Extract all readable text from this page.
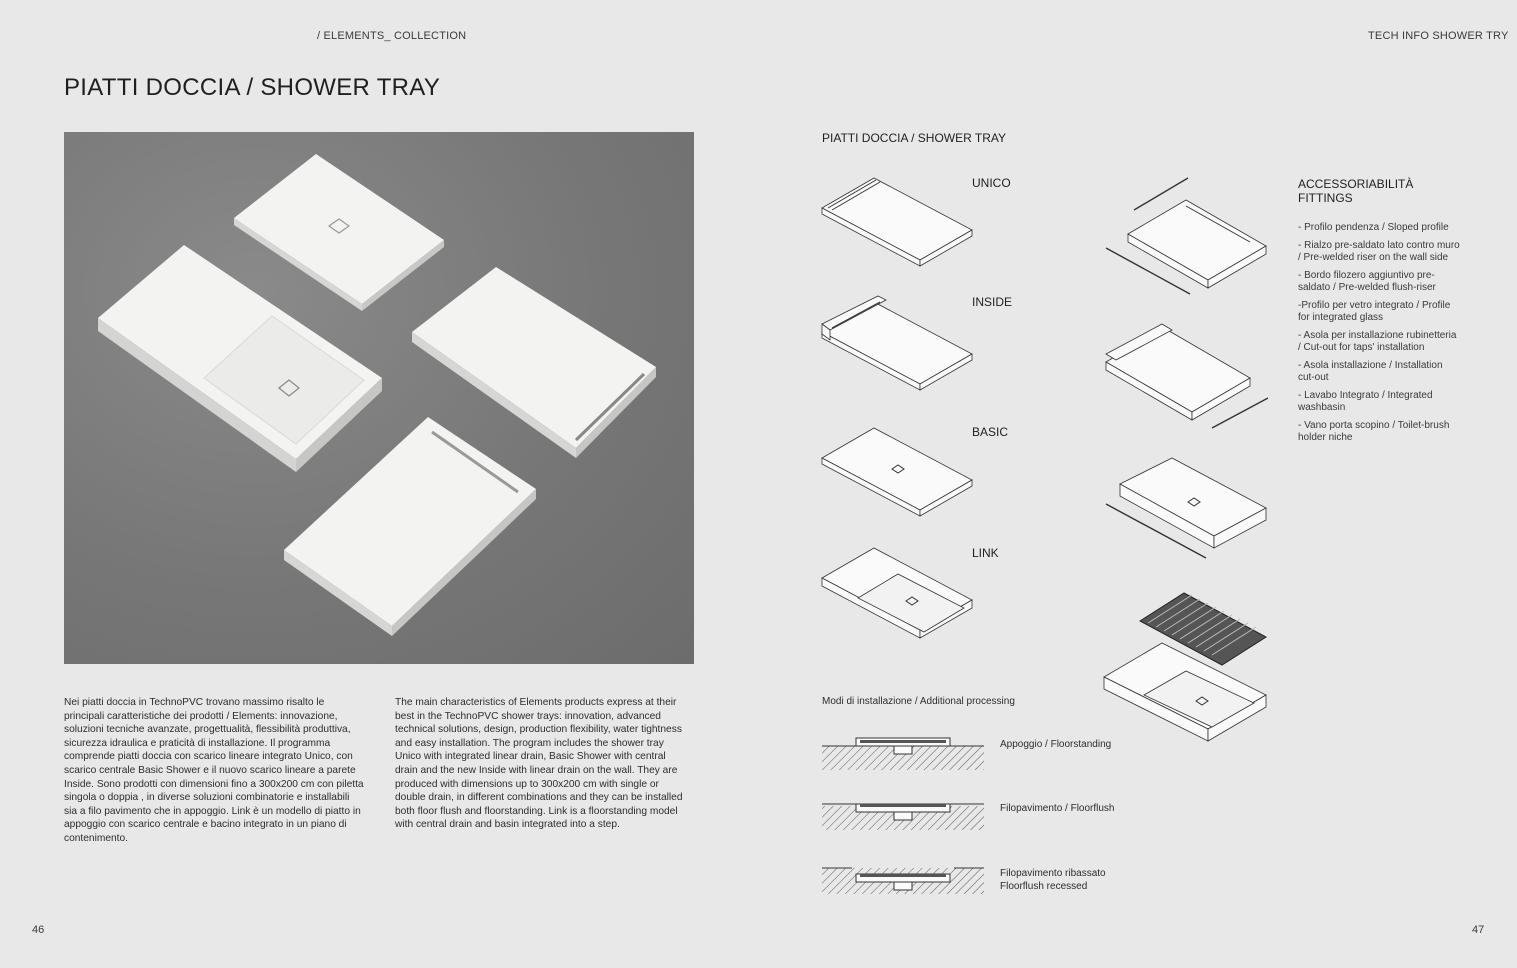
/ ELEMENTS_ COLLECTION	TECH INFO SHOWER TRY
PIATTI DOCCIA / SHOWER TRAY
Nei piatti doccia in TechnoPVC trovano massimo risalto le principali caratteristiche dei prodotti / Elements: innovazione, soluzioni tecniche avanzate, progettualità, flessibilità produttiva, sicurezza idraulica e praticità di installazione. Il programma comprende piatti doccia con scarico lineare integrato Unico, con scarico centrale Basic Shower e il nuovo scarico lineare a parete Inside. Sono prodotti con dimensioni fino a 300x200 cm con piletta singola o doppia , in diverse soluzioni combinatorie e installabili sia a filo pavimento che in appoggio. Link è un modello di piatto in appoggio con scarico centrale e bacino integrato in un piano di contenimento.
The main characteristics of Elements products express at their best in the TechnoPVC shower trays: innovation, advanced technical solutions, design, production flexibility, water tightness and easy installation. The program includes the shower tray Unico with integrated linear drain, Basic Shower with central drain and the new Inside with linear drain on the wall. They are produced with dimensions up to 300x200 cm with single or double drain, in different combinations and they can be installed both floor flush and floorstanding. Link is a floorstanding model with central drain and basin integrated into a step.
46
PIATTI DOCCIA / SHOWER TRAY
UNICO
INSIDE
BASIC
LINK
ACCESSORIABILITÀ
FITTINGS
- Profilo pendenza / Sloped profile
- Rialzo pre-saldato lato contro muro
/ Pre-welded riser on the wall side
- Bordo filozero aggiuntivo pre-
saldato / Pre-welded flush-riser
-Profilo per vetro integrato / Profile
for integrated glass
- Asola per installazione rubinetteria
/ Cut-out for taps' installation
- Asola installazione / Installation
cut-out
- Lavabo Integrato / Integrated
washbasin
- Vano porta scopino / Toilet-brush
holder niche
Modi di installazione / Additional processing
Appoggio / Floorstanding
Filopavimento / Floorflush
Filopavimento ribassato
Floorflush recessed
47
